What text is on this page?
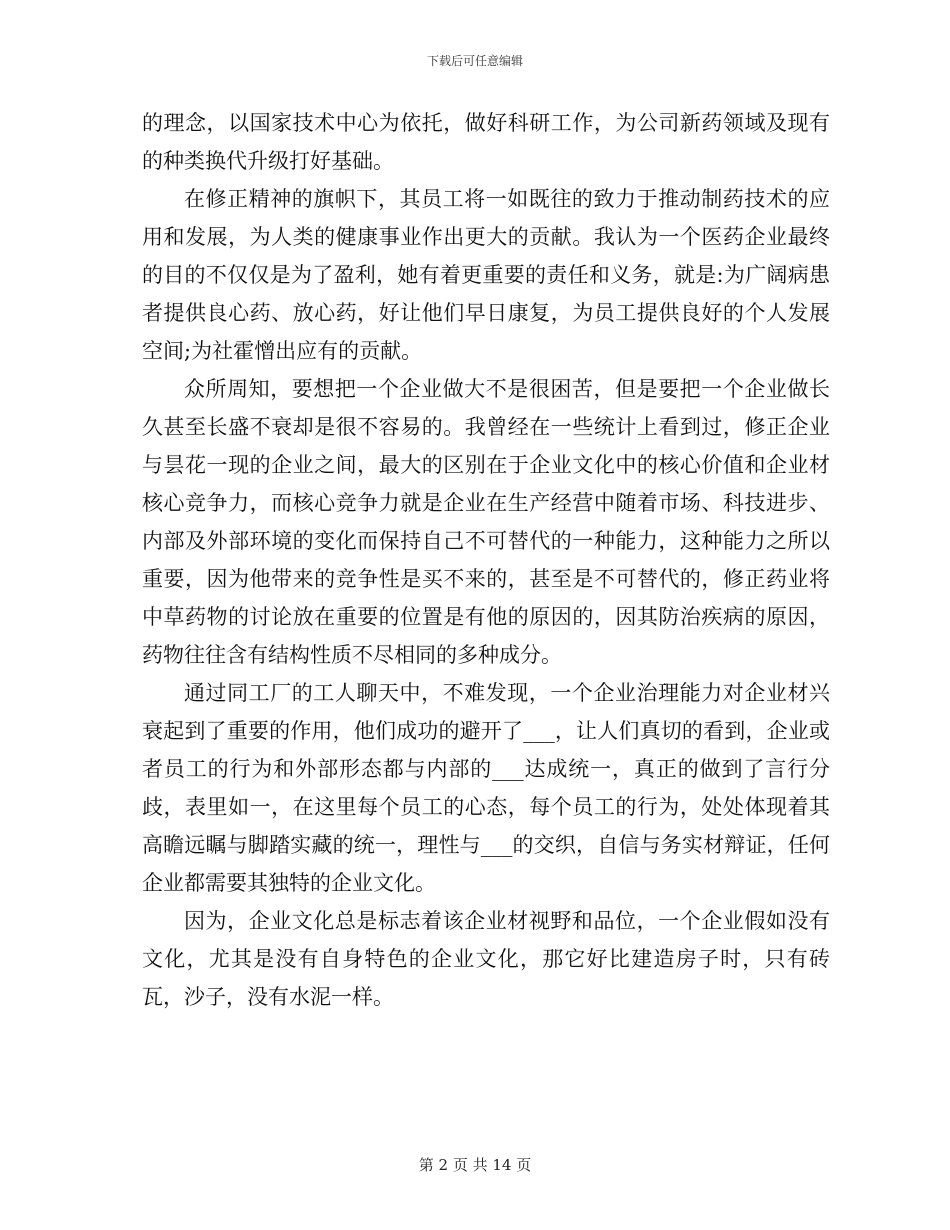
下载后可任意编辑

的理念，以国家技术中心为依托，做好科研工作，为公司新药领域及现有的种类换代升级打好基础。

在修正精神的旗帜下，其员工将一如既往的致力于推动制药技术的应用和发展，为人类的健康事业作出更大的贡献。我认为一个医药企业最终的目的不仅仅是为了盈利，她有着更重要的责任和义务，就是:为广阔病患者提供良心药、放心药，好让他们早日康复，为员工提供良好的个人发展空间;为社霍憎出应有的贡献。

众所周知，要想把一个企业做大不是很困苦，但是要把一个企业做长久甚至长盛不衰却是很不容易的。我曾经在一些统计上看到过，修正企业与昙花一现的企业之间，最大的区别在于企业文化中的核心价值和企业材核心竞争力，而核心竞争力就是企业在生产经营中随着市场、科技进步、内部及外部环境的变化而保持自己不可替代的一种能力，这种能力之所以重要，因为他带来的竞争性是买不来的，甚至是不可替代的，修正药业将中草药物的讨论放在重要的位置是有他的原因的，因其防治疾病的原因，药物往往含有结构性质不尽相同的多种成分。

通过同工厂的工人聊天中，不难发现，一个企业治理能力对企业材兴衰起到了重要的作用，他们成功的避开了___，让人们真切的看到，企业或者员工的行为和外部形态都与内部的___达成统一，真正的做到了言行分歧，表里如一，在这里每个员工的心态，每个员工的行为，处处体现着其高瞻远瞩与脚踏实藏的统一，理性与___的交织，自信与务实材辩证，任何企业都需要其独特的企业文化。

因为，企业文化总是标志着该企业材视野和品位，一个企业假如没有文化，尤其是没有自身特色的企业文化，那它好比建造房子时，只有砖瓦，沙子，没有水泥一样。

第 2 页 共 14 页
